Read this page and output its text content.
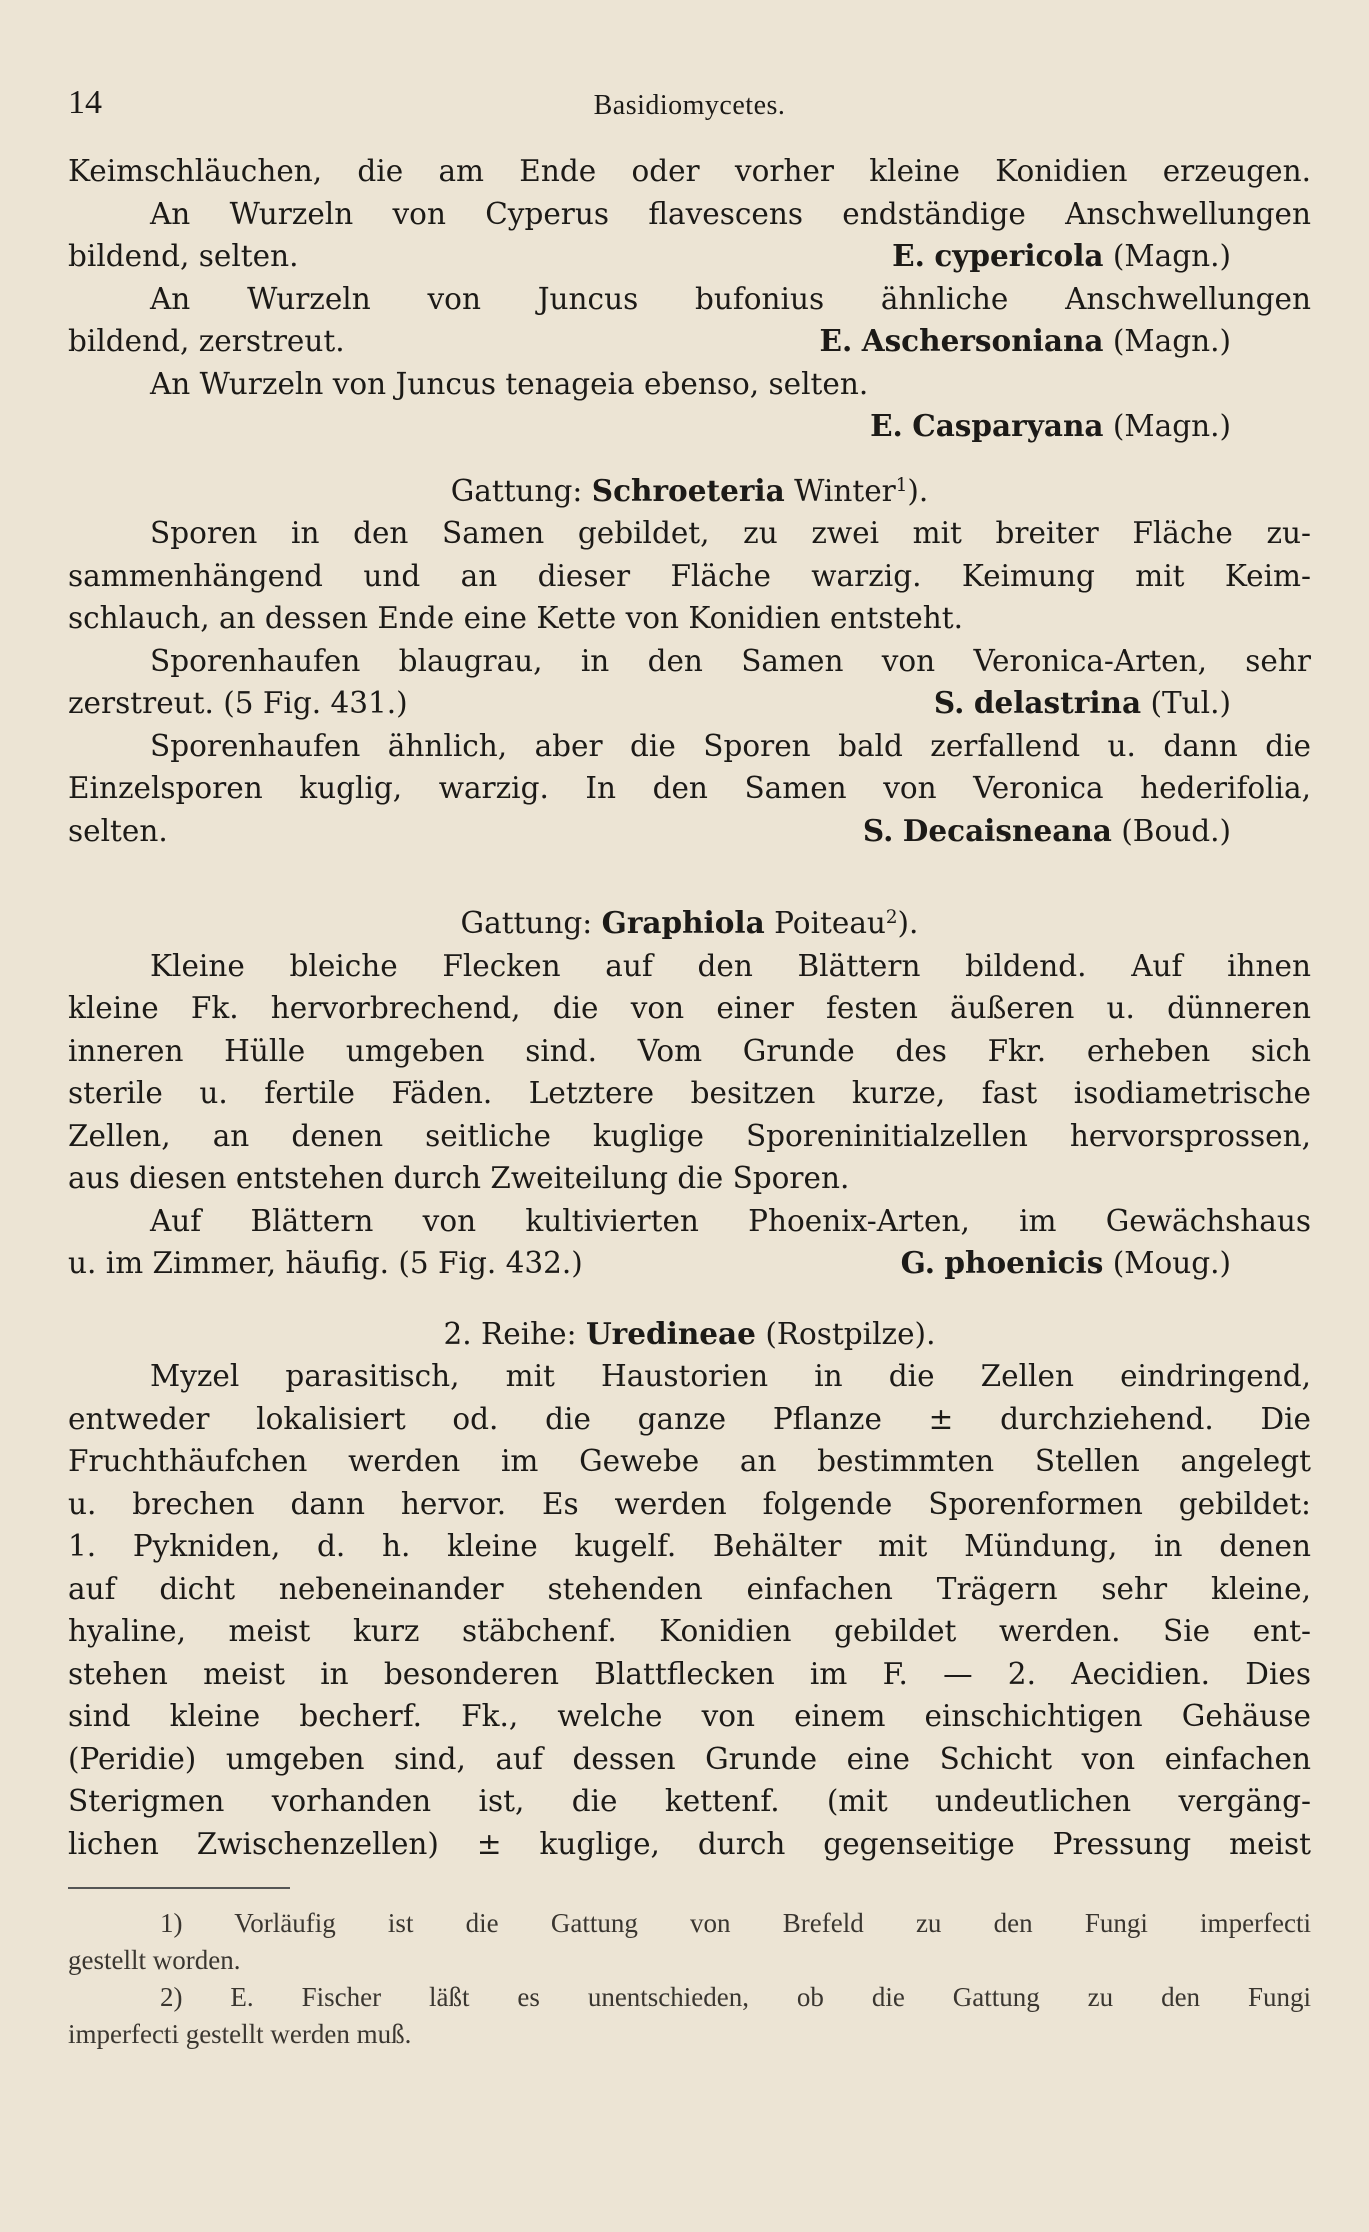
14	Basidiomycetes.
Keimschläuchen, die am Ende oder vorher kleine Konidien erzeugen.
An Wurzeln von Cyperus flavescens endständige Anschwellungen
bildend, selten.	E. cypericola (Magn.)
An Wurzeln von Juncus bufonius ähnliche Anschwellungen
bildend, zerstreut.	E. Aschersoniana (Magn.)
An Wurzeln von Juncus tenageia ebenso, selten.
E. Casparyana (Magn.)
Gattung: Schroeteria Winter$^1$).
Sporen in den Samen gebildet, zu zwei mit breiter Fläche zu-
sammenhängend und an dieser Fläche warzig. Keimung mit Keim-
schlauch, an dessen Ende eine Kette von Konidien entsteht.
Sporenhaufen blaugrau, in den Samen von Veronica-Arten, sehr
zerstreut. (5 Fig. 431.)	S. delastrina (Tul.)
Sporenhaufen ähnlich, aber die Sporen bald zerfallend u. dann die
Einzelsporen kuglig, warzig. In den Samen von Veronica hederifolia,
selten.	S. Decaisneana (Boud.)
Gattung: Graphiola Poiteau$^2$).
Kleine bleiche Flecken auf den Blättern bildend. Auf ihnen
kleine Fk. hervorbrechend, die von einer festen äußeren u. dünneren
inneren Hülle umgeben sind. Vom Grunde des Fkr. erheben sich
sterile u. fertile Fäden. Letztere besitzen kurze, fast isodiametrische
Zellen, an denen seitliche kuglige Sporeninitialzellen hervorsprossen,
aus diesen entstehen durch Zweiteilung die Sporen.
Auf Blättern von kultivierten Phoenix-Arten, im Gewächshaus
u. im Zimmer, häufig. (5 Fig. 432.)	G. phoenicis (Moug.)
2. Reihe: Uredineae (Rostpilze).
Myzel parasitisch, mit Haustorien in die Zellen eindringend,
entweder lokalisiert od. die ganze Pflanze ± durchziehend. Die
Fruchthäufchen werden im Gewebe an bestimmten Stellen angelegt
u. brechen dann hervor. Es werden folgende Sporenformen gebildet:
1. Pykniden, d. h. kleine kugelf. Behälter mit Mündung, in denen
auf dicht nebeneinander stehenden einfachen Trägern sehr kleine,
hyaline, meist kurz stäbchenf. Konidien gebildet werden. Sie ent-
stehen meist in besonderen Blattflecken im F. — 2. Aecidien. Dies
sind kleine becherf. Fk., welche von einem einschichtigen Gehäuse
(Peridie) umgeben sind, auf dessen Grunde eine Schicht von einfachen
Sterigmen vorhanden ist, die kettenf. (mit undeutlichen vergäng-
lichen Zwischenzellen) ± kuglige, durch gegenseitige Pressung meist
1) Vorläufig ist die Gattung von Brefeld zu den Fungi imperfecti
gestellt worden.
2) E. Fischer läßt es unentschieden, ob die Gattung zu den Fungi
imperfecti gestellt werden muß.
